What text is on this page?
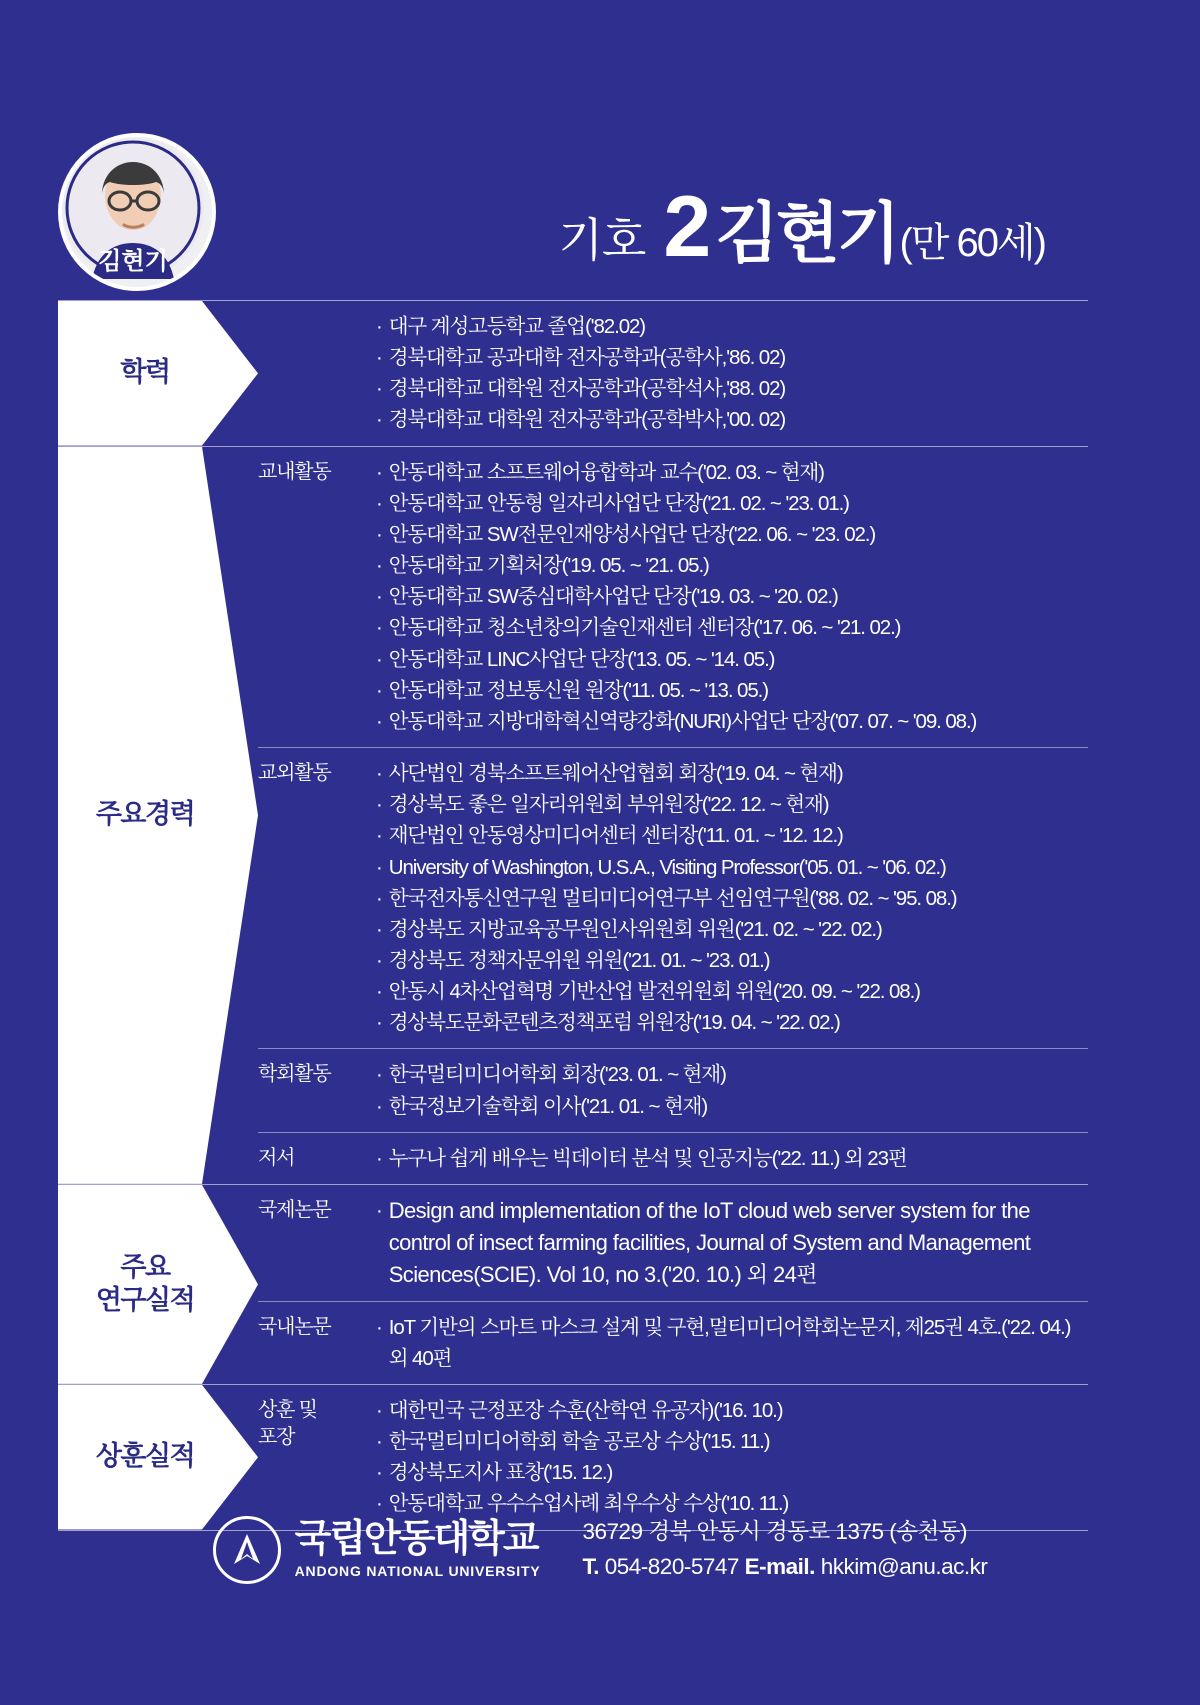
김현기	기호 2 김현기 (만 60세)
학력
· 대구 계성고등학교 졸업('82.02)
· 경북대학교 공과대학 전자공학과(공학사,'86. 02)
· 경북대학교 대학원 전자공학과(공학석사,'88. 02)
· 경북대학교 대학원 전자공학과(공학박사,'00. 02)
주요경력
교내활동	· 안동대학교 소프트웨어융합학과 교수('02. 03. ~ 현재)
· 안동대학교 안동형 일자리사업단 단장('21. 02. ~ '23. 01.)
· 안동대학교 SW전문인재양성사업단 단장('22. 06. ~ '23. 02.)
· 안동대학교 기획처장('19. 05. ~ '21. 05.)
· 안동대학교 SW중심대학사업단 단장('19. 03. ~ '20. 02.)
· 안동대학교 청소년창의기술인재센터 센터장('17. 06. ~ '21. 02.)
· 안동대학교 LINC사업단 단장('13. 05. ~ '14. 05.)
· 안동대학교 정보통신원 원장('11. 05. ~ '13. 05.)
· 안동대학교 지방대학혁신역량강화(NURI)사업단 단장('07. 07. ~ '09. 08.)
교외활동	· 사단법인 경북소프트웨어산업협회 회장('19. 04. ~ 현재)
· 경상북도 좋은 일자리위원회 부위원장('22. 12. ~ 현재)
· 재단법인 안동영상미디어센터 센터장('11. 01. ~ '12. 12.)
· University of Washington, U.S.A., Visiting Professor('05. 01. ~ '06. 02.)
· 한국전자통신연구원 멀티미디어연구부 선임연구원('88. 02. ~ '95. 08.)
· 경상북도 지방교육공무원인사위원회 위원('21. 02. ~ '22. 02.)
· 경상북도 정책자문위원 위원('21. 01. ~ '23. 01.)
· 안동시 4차산업혁명 기반산업 발전위원회 위원('20. 09. ~ '22. 08.)
· 경상북도문화콘텐츠정책포럼 위원장('19. 04. ~ '22. 02.)
학회활동	· 한국멀티미디어학회 회장('23. 01. ~ 현재)
· 한국정보기술학회 이사('21. 01. ~ 현재)
저서	· 누구나 쉽게 배우는 빅데이터 분석 및 인공지능('22. 11.) 외 23편
주요
연구실적
국제논문	· Design and implementation of the IoT cloud web server system for the control of insect farming facilities, Journal of System and Management Sciences(SCIE). Vol 10, no 3.('20. 10.) 외 24편
국내논문	· IoT 기반의 스마트 마스크 설계 및 구현,멀티미디어학회논문지, 제25권 4호.('22. 04.) 외 40편
상훈실적
상훈 및
포장
· 대한민국 근정포장 수훈(산학연 유공자)('16. 10.)
· 한국멀티미디어학회 학술 공로상 수상('15. 11.)
· 경상북도지사 표창('15. 12.)
· 안동대학교 우수수업사례 최우수상 수상('10. 11.)
국립안동대학교
ANDONG NATIONAL UNIVERSITY
36729 경북 안동시 경동로 1375 (송천동)
T. 054-820-5747 E-mail. hkkim@anu.ac.kr
